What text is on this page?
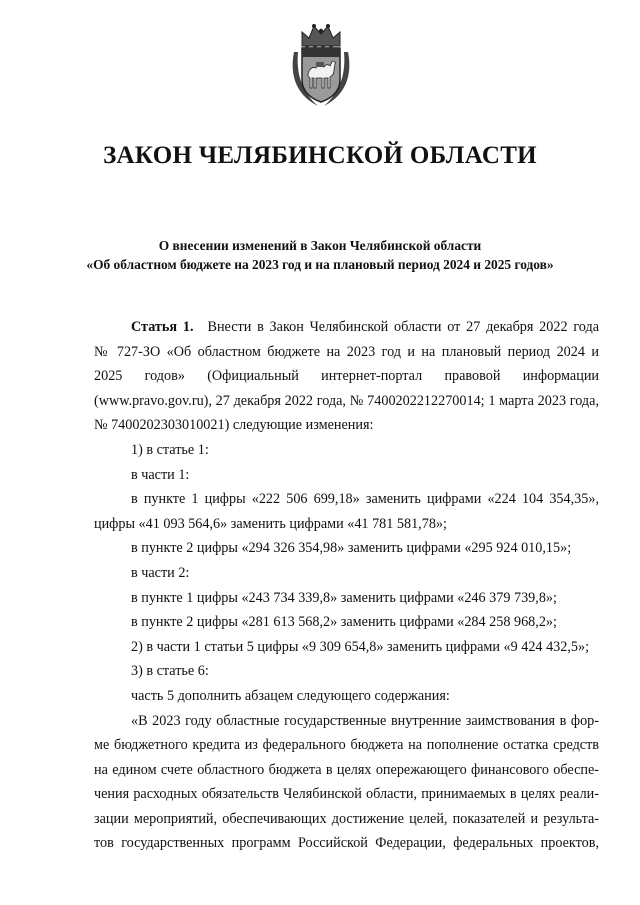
ЗАКОН ЧЕЛЯБИНСКОЙ ОБЛАСТИ
О внесении изменений в Закон Челябинской области
«Об областном бюджете на 2023 год и на плановый период 2024 и 2025 годов»
Статья 1. Внести в Закон Челябинской области от 27 декабря 2022 года
№ 727-ЗО «Об областном бюджете на 2023 год и на плановый период 2024 и
2025 годов» (Официальный интернет-портал правовой информации
(www.pravo.gov.ru), 27 декабря 2022 года, № 7400202212270014; 1 марта 2023 года,
№ 7400202303010021) следующие изменения:
1) в статье 1:
в части 1:
в пункте 1 цифры «222 506 699,18» заменить цифрами «224 104 354,35»,
цифры «41 093 564,6» заменить цифрами «41 781 581,78»;
в пункте 2 цифры «294 326 354,98» заменить цифрами «295 924 010,15»;
в части 2:
в пункте 1 цифры «243 734 339,8» заменить цифрами «246 379 739,8»;
в пункте 2 цифры «281 613 568,2» заменить цифрами «284 258 968,2»;
2) в части 1 статьи 5 цифры «9 309 654,8» заменить цифрами «9 424 432,5»;
3) в статье 6:
часть 5 дополнить абзацем следующего содержания:
«В 2023 году областные государственные внутренние заимствования в фор-
ме бюджетного кредита из федерального бюджета на пополнение остатка средств
на едином счете областного бюджета в целях опережающего финансового обеспе-
чения расходных обязательств Челябинской области, принимаемых в целях реали-
зации мероприятий, обеспечивающих достижение целей, показателей и результа-
тов государственных программ Российской Федерации, федеральных проектов,
